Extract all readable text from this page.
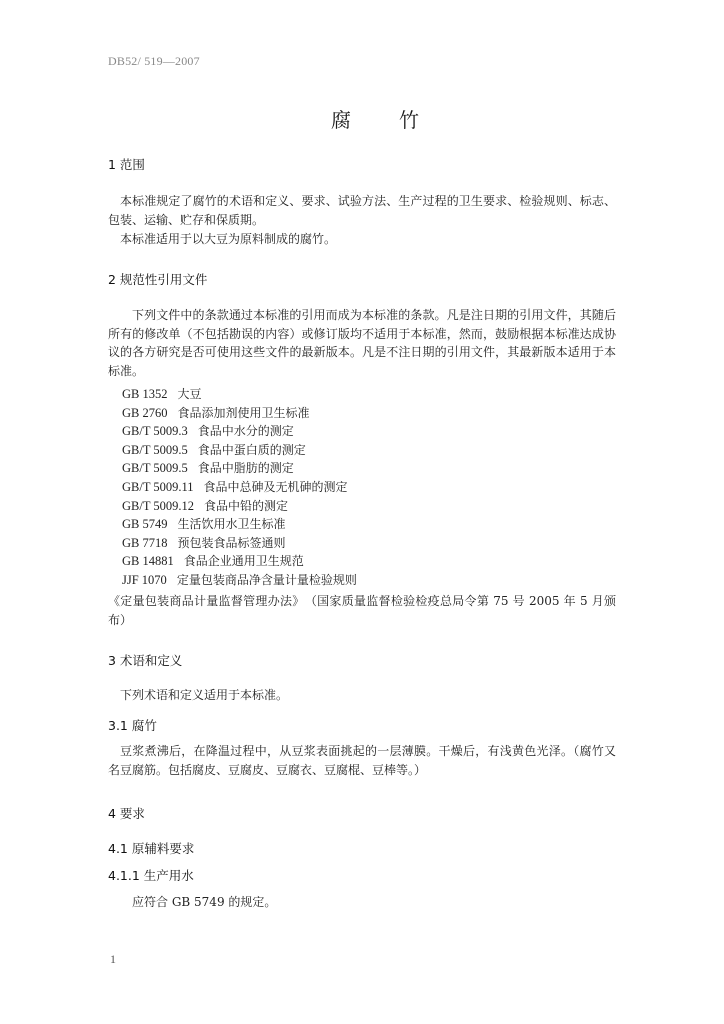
DB52/ 519—2007
腐　竹
1 范围
本标准规定了腐竹的术语和定义、要求、试验方法、生产过程的卫生要求、检验规则、标志、包装、运输、贮存和保质期。
本标准适用于以大豆为原料制成的腐竹。
2 规范性引用文件
下列文件中的条款通过本标准的引用而成为本标准的条款。凡是注日期的引用文件，其随后所有的修改单（不包括勘误的内容）或修订版均不适用于本标准，然而，鼓励根据本标准达成协议的各方研究是否可使用这些文件的最新版本。凡是不注日期的引用文件，其最新版本适用于本标准。
GB 1352 大豆
GB 2760 食品添加剂使用卫生标准
GB/T 5009.3 食品中水分的测定
GB/T 5009.5 食品中蛋白质的测定
GB/T 5009.5 食品中脂肪的测定
GB/T 5009.11 食品中总砷及无机砷的测定
GB/T 5009.12 食品中铅的测定
GB 5749 生活饮用水卫生标准
GB 7718 预包装食品标签通则
GB 14881 食品企业通用卫生规范
JJF 1070 定量包装商品净含量计量检验规则
《定量包装商品计量监督管理办法》　（国家质量监督检验检疫总局令第 75 号 2005 年 5 月颁布）
3 术语和定义
下列术语和定义适用于本标准。
3.1 腐竹
豆浆煮沸后，在降温过程中，从豆浆表面挑起的一层薄膜。干燥后，有浅黄色光泽。（腐竹又名豆腐筋。包括腐皮、豆腐皮、豆腐衣、豆腐棍、豆棒等。）
4 要求
4.1 原辅料要求
4.1.1 生产用水
应符合 GB 5749 的规定。
1
